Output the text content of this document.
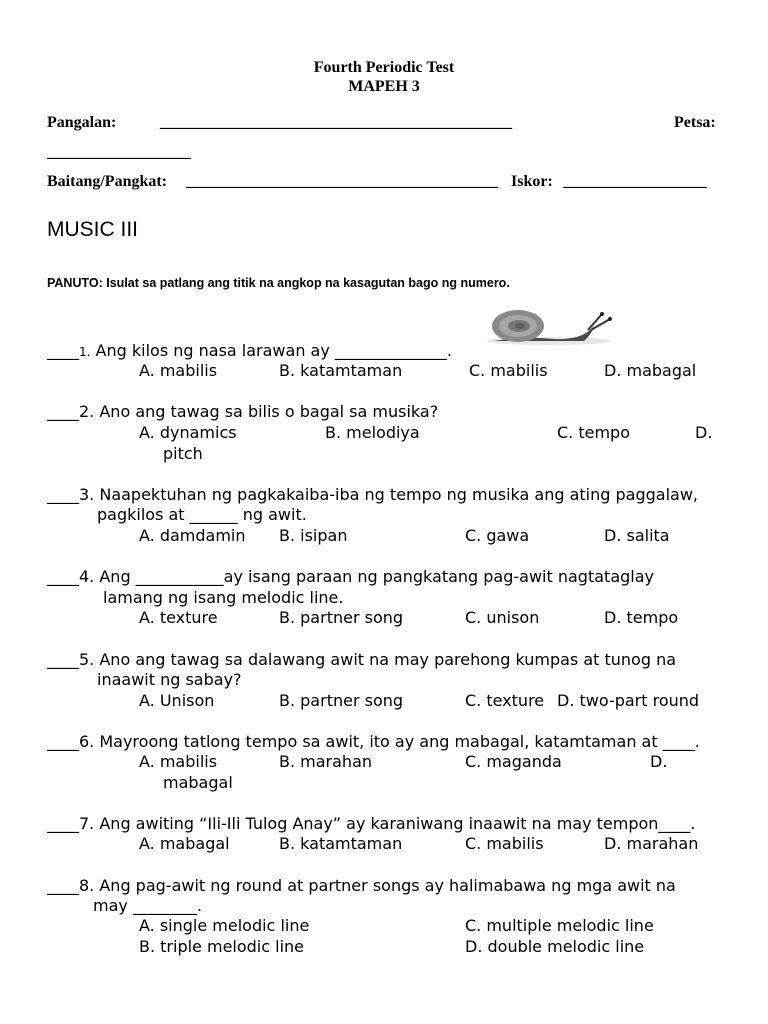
Fourth Periodic Test
MAPEH 3
Pangalan:	____________________________________________	Petsa:
__________________
Baitang/Pangkat: _______________________________________ Iskor: __________________
MUSIC III
PANUTO: Isulat sa patlang ang titik na angkop na kasagutan bago ng numero.
____1. Ang kilos ng nasa larawan ay ______________.
A. mabilis	B. katamtaman	C. mabilis	D. mabagal
____2. Ano ang tawag sa bilis o bagal sa musika?
A. dynamics	B. melodiya	C. tempo	D.
pitch
____3. Naapektuhan ng pagkakaiba-iba ng tempo ng musika ang ating paggalaw,
pagkilos at ______ ng awit.
A. damdamin B. isipan	C. gawa	D. salita
____4. Ang ___________ay isang paraan ng pangkatang pag-awit nagtataglay
lamang ng isang melodic line.
A. texture	B. partner song	C. unison	D. tempo
____5. Ano ang tawag sa dalawang awit na may parehong kumpas at tunog na
inaawit ng sabay?
A. Unison	B. partner song	C. texture D. two-part round
____6. Mayroong tatlong tempo sa awit, ito ay ang mabagal, katamtaman at ____.
A. mabilis	B. marahan	C. maganda	D.
mabagal
____7. Ang awiting “Ili-Ili Tulog Anay” ay karaniwang inaawit na may tempon____.
A. mabagal	B. katamtaman	C. mabilis	D. marahan
____8. Ang pag-awit ng round at partner songs ay halimabawa ng mga awit na
may ________.
A. single melodic line	C. multiple melodic line
B. triple melodic line	D. double melodic line
